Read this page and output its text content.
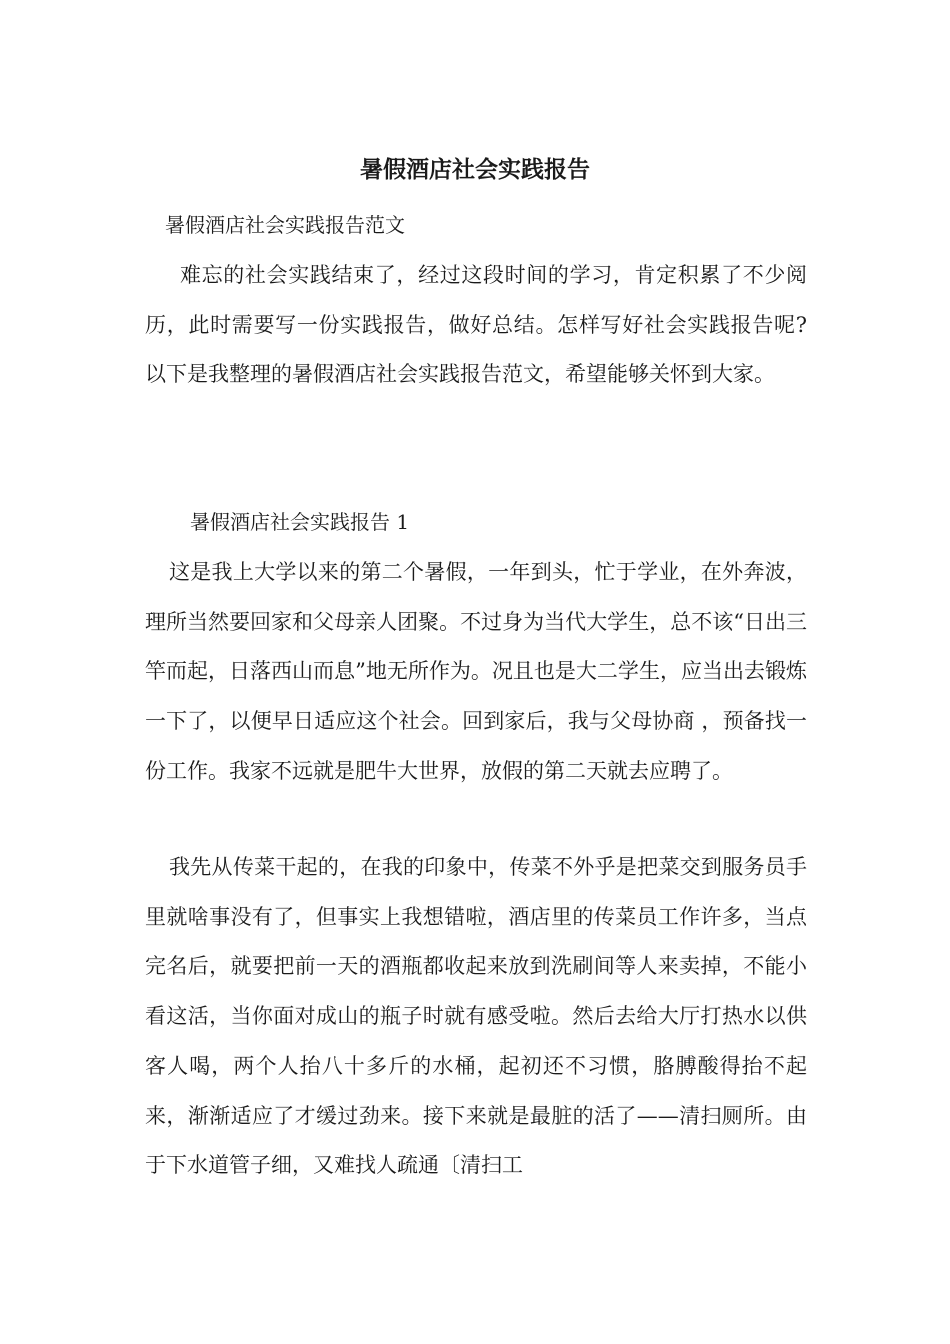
暑假酒店社会实践报告

暑假酒店社会实践报告范文

难忘的社会实践结束了，经过这段时间的学习，肯定积累了不少阅历，此时需要写一份实践报告，做好总结。怎样写好社会实践报告呢?以下是我整理的暑假酒店社会实践报告范文，希望能够关怀到大家。

暑假酒店社会实践报告 1

这是我上大学以来的第二个暑假，一年到头，忙于学业，在外奔波，理所当然要回家和父母亲人团聚。不过身为当代大学生，总不该“日出三竿而起，日落西山而息”地无所作为。况且也是大二学生，应当出去锻炼一下了，以便早日适应这个社会。回到家后，我与父母协商 ，预备找一份工作。我家不远就是肥牛大世界，放假的第二天就去应聘了。

我先从传菜干起的，在我的印象中，传菜不外乎是把菜交到服务员手里就啥事没有了，但事实上我想错啦，酒店里的传菜员工作许多，当点完名后，就要把前一天的酒瓶都收起来放到洗刷间等人来卖掉，不能小看这活，当你面对成山的瓶子时就有感受啦。然后去给大厅打热水以供客人喝，两个人抬八十多斤的水桶，起初还不习惯，胳膊酸得抬不起来，渐渐适应了才缓过劲来。接下来就是最脏的活了——清扫厕所。由于下水道管子细，又难找人疏通〔清扫工
